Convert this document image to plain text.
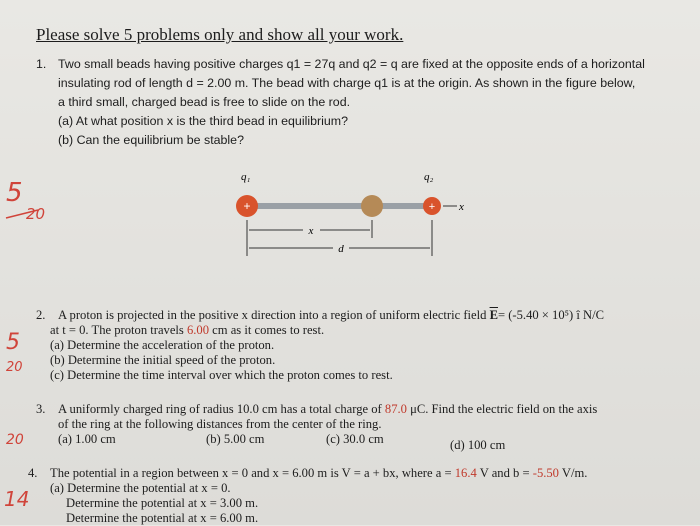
Please solve 5 problems only and show all your work.
1. Two small beads having positive charges q1 = 27q and q2 = q are fixed at the opposite ends of a horizontal
insulating rod of length d = 2.00 m. The bead with charge q1 is at the origin. As shown in the figure below,
a third small, charged bead is free to slide on the rod.
(a) At what position x is the third bead in equilibrium?
(b) Can the equilibrium be stable?
q₁	q₂
x
+	+
x
d
2. A proton is projected in the positive x direction into a region of uniform electric field $\overline{E}= (-5.40 \times 10^5)$ î N/C
at t = 0. The proton travels 6.00 cm as it comes to rest.
(a) Determine the acceleration of the proton.
(b) Determine the initial speed of the proton.
(c) Determine the time interval over which the proton comes to rest.
3. A uniformly charged ring of radius 10.0 cm has a total charge of 87.0 μC. Find the electric field on the axis
of the ring at the following distances from the center of the ring.
(a) 1.00 cm	(b) 5.00 cm	(c) 30.0 cm	(d) 100 cm
4. The potential in a region between x = 0 and x = 6.00 m is V = a + bx, where a = 16.4 V and b = -5.50 V/m.
(a) Determine the potential at x = 0.
Determine the potential at x = 3.00 m.
Determine the potential at x = 6.00 m.
5
20
5
20
20
14
